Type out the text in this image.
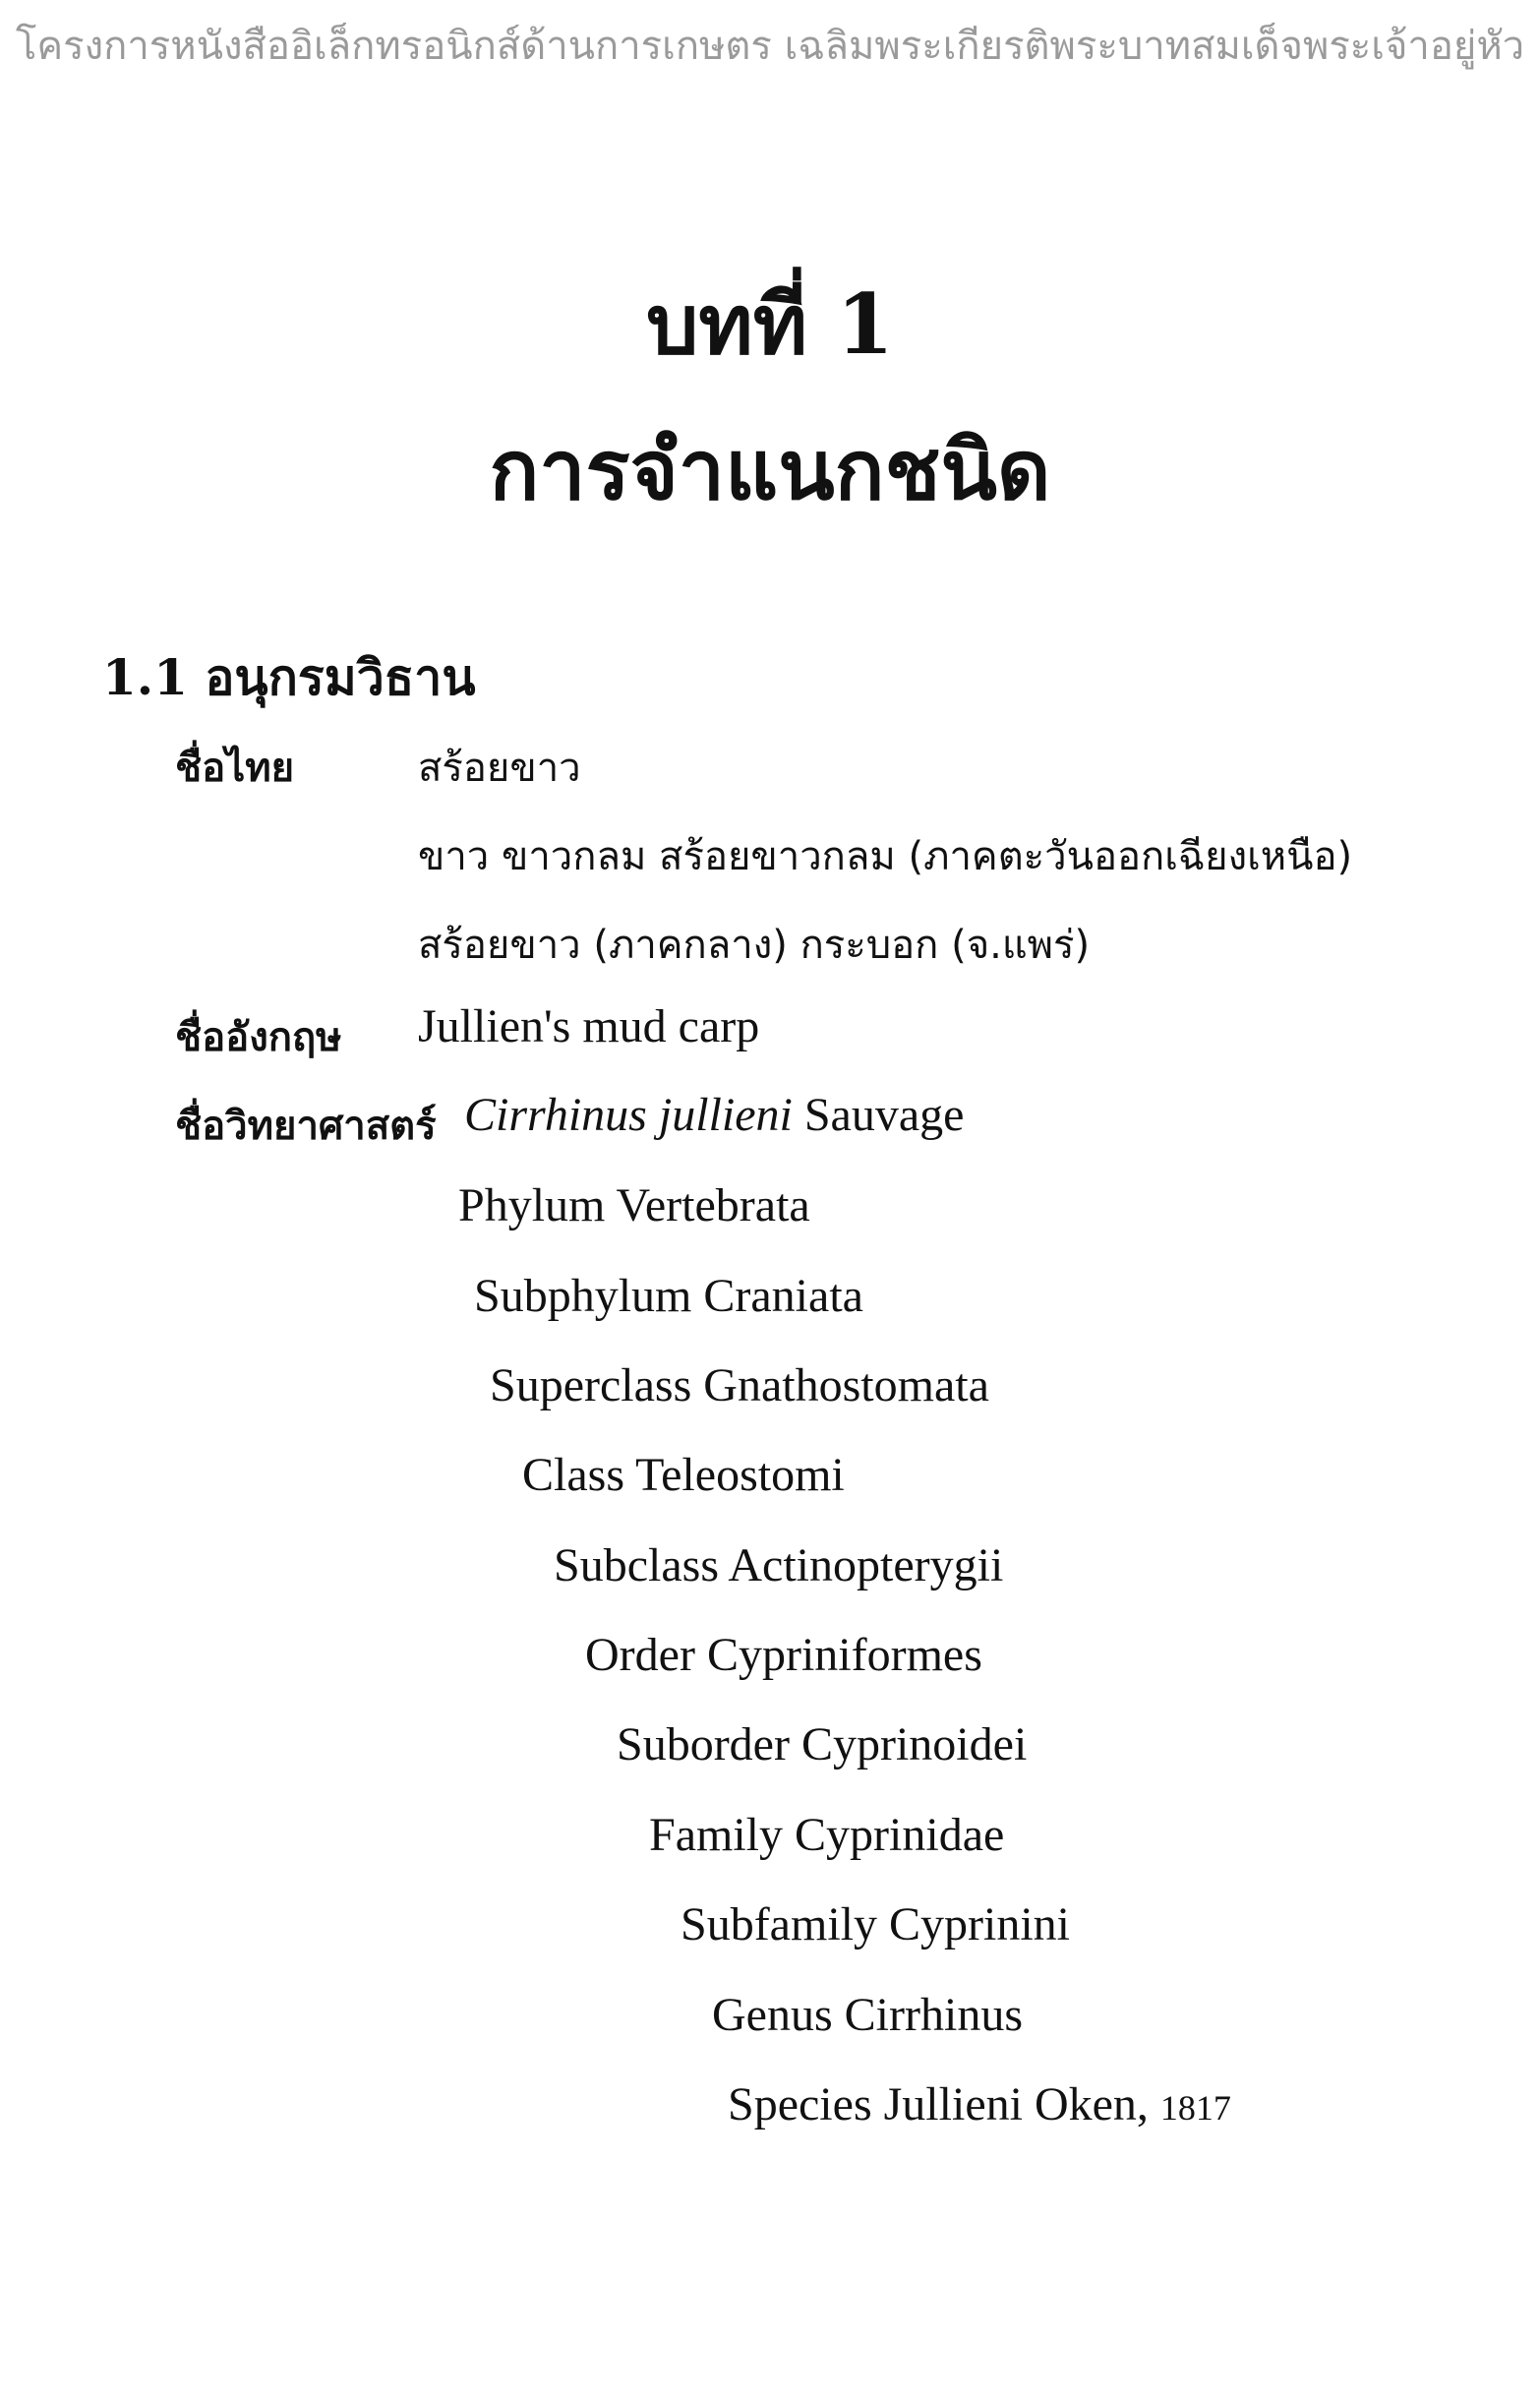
โครงการหนังสืออิเล็กทรอนิกส์ด้านการเกษตร เฉลิมพระเกียรติพระบาทสมเด็จพระเจ้าอยู่หัว
บทที่ 1
การจำแนกชนิด
1.1 อนุกรมวิธาน
ชื่อไทย	สร้อยขาว
ขาว ขาวกลม สร้อยขาวกลม (ภาคตะวันออกเฉียงเหนือ)
สร้อยขาว (ภาคกลาง) กระบอก (จ.แพร่)
ชื่ออังกฤษ Jullien's mud carp
ชื่อวิทยาศาสตร์ Cirrhinus jullieni Sauvage
Phylum Vertebrata
Subphylum Craniata
Superclass Gnathostomata
Class Teleostomi
Subclass Actinopterygii
Order Cypriniformes
Suborder Cyprinoidei
Family Cyprinidae
Subfamily Cyprinini
Genus Cirrhinus
Species Jullieni Oken, 1817
